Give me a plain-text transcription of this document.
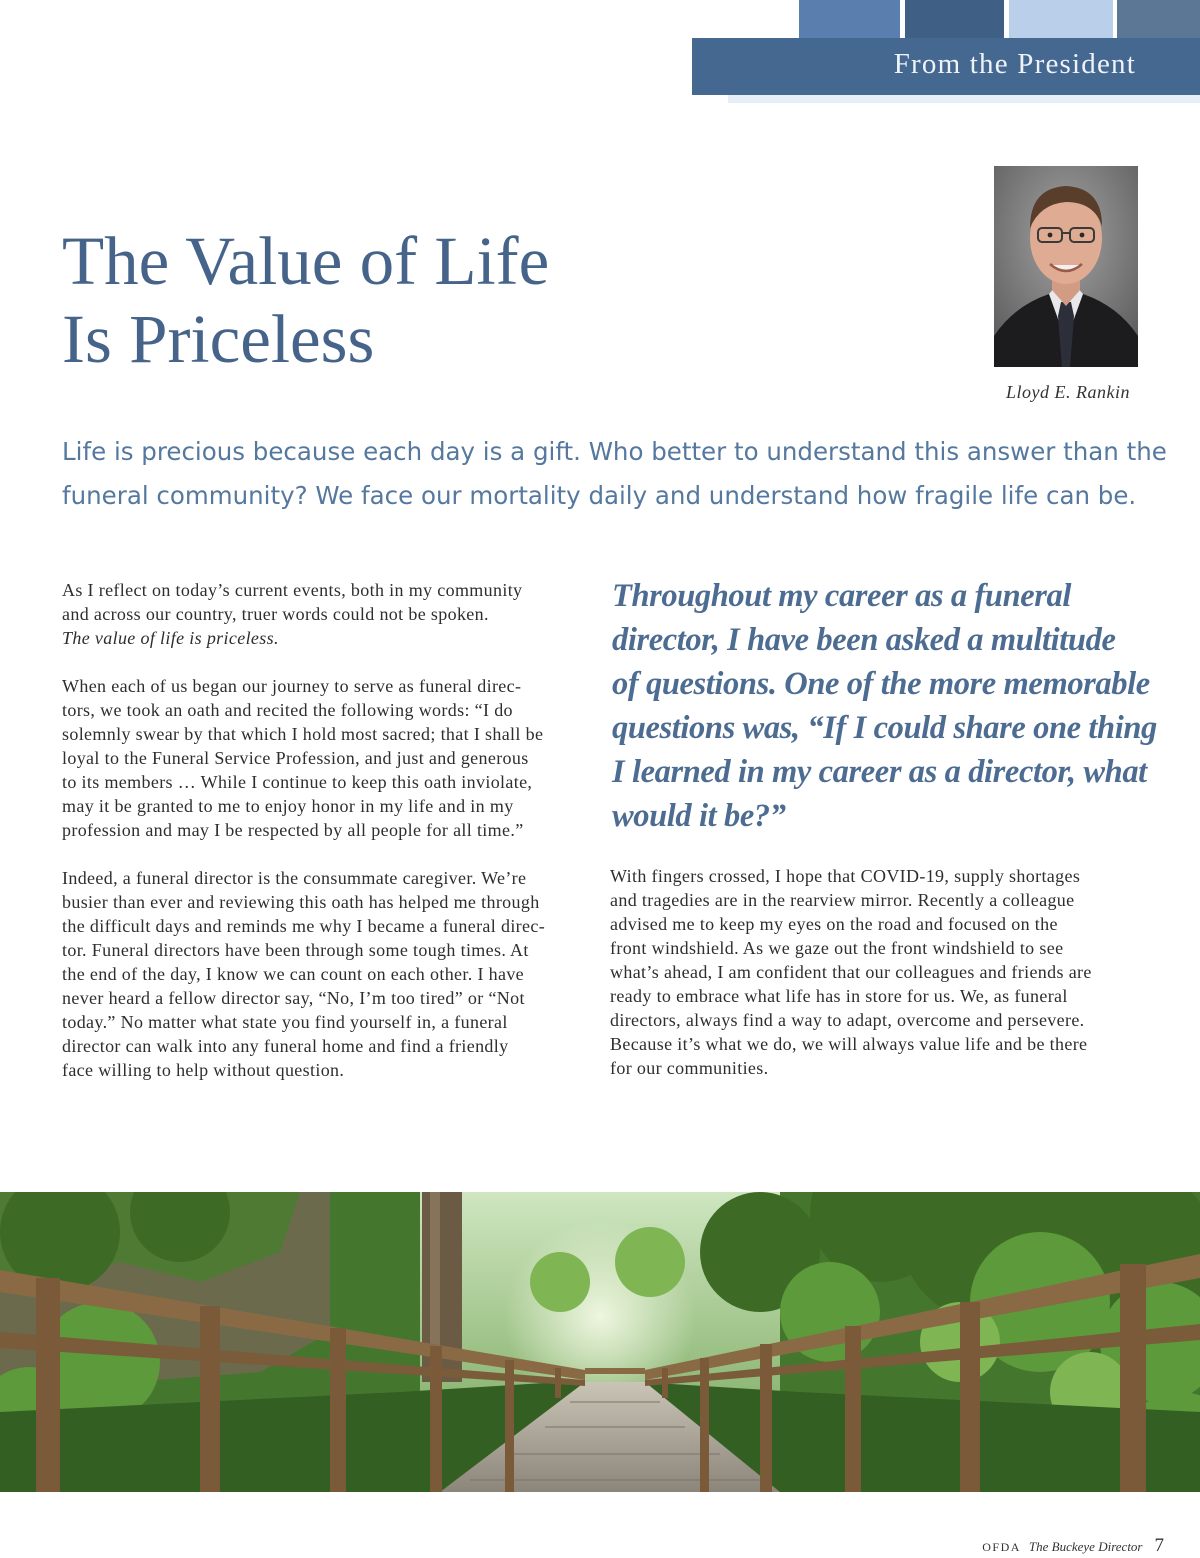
From the President
The Value of Life
Is Priceless
Lloyd E. Rankin

Life is precious because each day is a gift. Who better to understand this answer than the
funeral community? We face our mortality daily and understand how fragile life can be.

As I reflect on today’s current events, both in my community
and across our country, truer words could not be spoken.
The value of life is priceless.

When each of us began our journey to serve as funeral direc-
tors, we took an oath and recited the following words: “I do
solemnly swear by that which I hold most sacred; that I shall be
loyal to the Funeral Service Profession, and just and generous
to its members … While I continue to keep this oath inviolate,
may it be granted to me to enjoy honor in my life and in my
profession and may I be respected by all people for all time.”

Indeed, a funeral director is the consummate caregiver. We’re
busier than ever and reviewing this oath has helped me through
the difficult days and reminds me why I became a funeral direc-
tor. Funeral directors have been through some tough times. At
the end of the day, I know we can count on each other. I have
never heard a fellow director say, “No, I’m too tired” or “Not
today.” No matter what state you find yourself in, a funeral
director can walk into any funeral home and find a friendly
face willing to help without question.

Throughout my career as a funeral
director, I have been asked a multitude
of questions. One of the more memorable
questions was, “If I could share one thing
I learned in my career as a director, what
would it be?”

With fingers crossed, I hope that COVID-19, supply shortages
and tragedies are in the rearview mirror. Recently a colleague
advised me to keep my eyes on the road and focused on the
front windshield. As we gaze out the front windshield to see
what’s ahead, I am confident that our colleagues and friends are
ready to embrace what life has in store for us. We, as funeral
directors, always find a way to adapt, overcome and persevere.
Because it’s what we do, we will always value life and be there
for our communities.

OFDA The Buckeye Director 7
